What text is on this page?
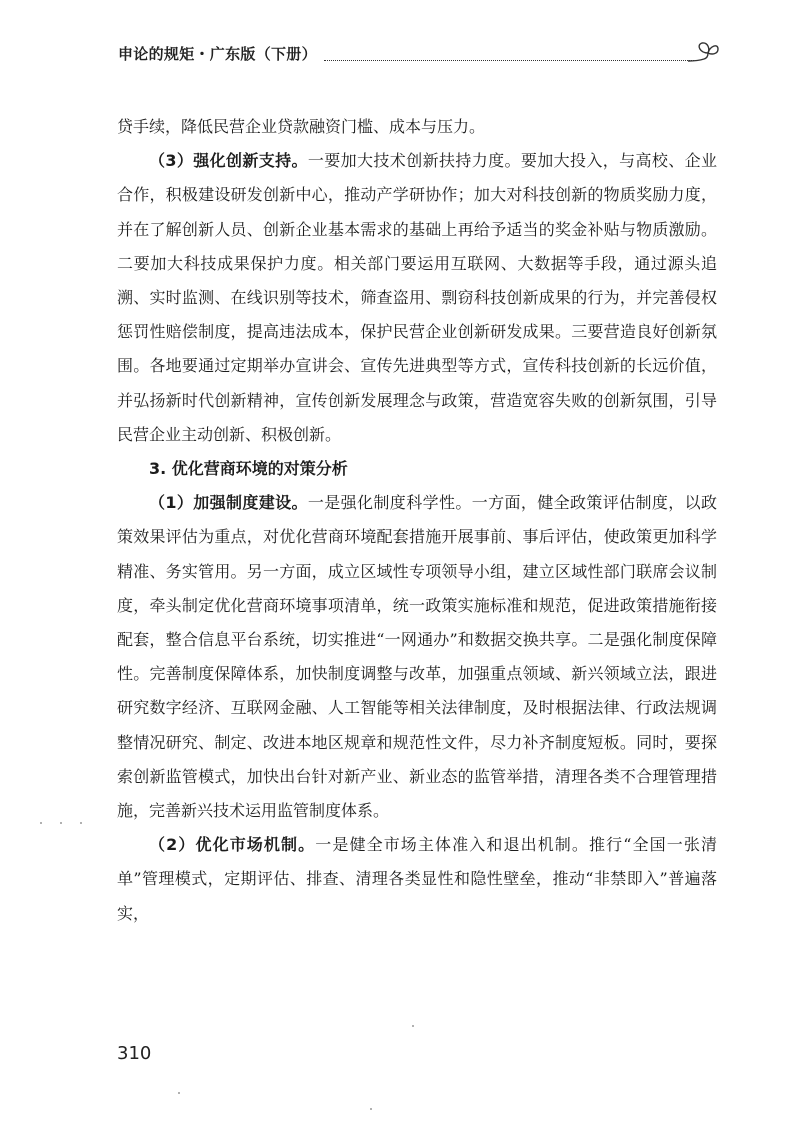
申论的规矩・广东版（下册）

贷手续，降低民营企业贷款融资门槛、成本与压力。

（3）强化创新支持。一要加大技术创新扶持力度。要加大投入，与高校、企业合作，积极建设研发创新中心，推动产学研协作；加大对科技创新的物质奖励力度，并在了解创新人员、创新企业基本需求的基础上再给予适当的奖金补贴与物质激励。二要加大科技成果保护力度。相关部门要运用互联网、大数据等手段，通过源头追溯、实时监测、在线识别等技术，筛查盗用、剽窃科技创新成果的行为，并完善侵权惩罚性赔偿制度，提高违法成本，保护民营企业创新研发成果。三要营造良好创新氛围。各地要通过定期举办宣讲会、宣传先进典型等方式，宣传科技创新的长远价值，并弘扬新时代创新精神，宣传创新发展理念与政策，营造宽容失败的创新氛围，引导民营企业主动创新、积极创新。

3. 优化营商环境的对策分析

（1）加强制度建设。一是强化制度科学性。一方面，健全政策评估制度，以政策效果评估为重点，对优化营商环境配套措施开展事前、事后评估，使政策更加科学精准、务实管用。另一方面，成立区域性专项领导小组，建立区域性部门联席会议制度，牵头制定优化营商环境事项清单，统一政策实施标准和规范，促进政策措施衔接配套，整合信息平台系统，切实推进“一网通办”和数据交换共享。二是强化制度保障性。完善制度保障体系，加快制度调整与改革，加强重点领域、新兴领域立法，跟进研究数字经济、互联网金融、人工智能等相关法律制度，及时根据法律、行政法规调整情况研究、制定、改进本地区规章和规范性文件，尽力补齐制度短板。同时，要探索创新监管模式，加快出台针对新产业、新业态的监管举措，清理各类不合理管理措施，完善新兴技术运用监管制度体系。

（2）优化市场机制。一是健全市场主体准入和退出机制。推行“全国一张清单”管理模式，定期评估、排查、清理各类显性和隐性壁垒，推动“非禁即入”普遍落实，

310
